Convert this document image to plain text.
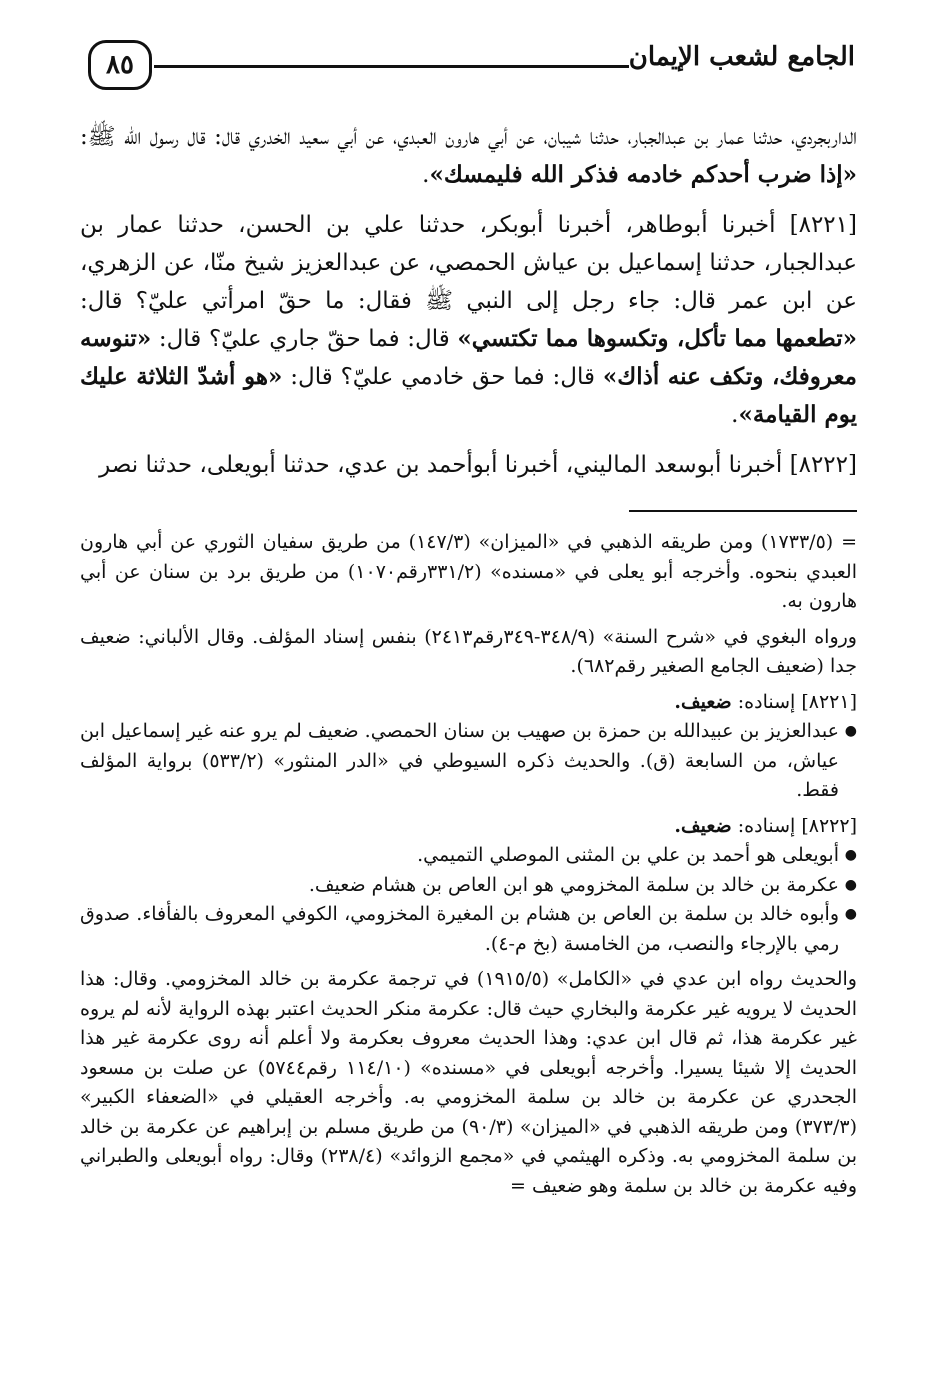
٨٥	الجامع لشعب الإيمان

الداربجردي، حدثنا عمار بن عبدالجبار، حدثنا شيبان، عن أبي هارون العبدي، عن أبي سعيد الخدري قال: قال رسول الله ﷺ: «إذا ضرب أحدكم خادمه فذكر الله فليمسك».

[٨٢٢١] أخبرنا أبوطاهر، أخبرنا أبوبكر، حدثنا علي بن الحسن، حدثنا عمار بن عبدالجبار، حدثنا إسماعيل بن عياش الحمصي، عن عبدالعزيز شيخ منّا، عن الزهري، عن ابن عمر قال: جاء رجل إلى النبي ﷺ فقال: ما حقّ امرأتي عليّ؟ قال: «تطعمها مما تأكل، وتكسوها مما تكتسي» قال: فما حقّ جاري عليّ؟ قال: «تنوسه معروفك، وتكف عنه أذاك» قال: فما حق خادمي عليّ؟ قال: «هو أشدّ الثلاثة عليك يوم القيامة».

[٨٢٢٢] أخبرنا أبوسعد الماليني، أخبرنا أبوأحمد بن عدي، حدثنا أبويعلى، حدثنا نصر

= (١٧٣٣/٥) ومن طريقه الذهبي في «الميزان» (١٤٧/٣) من طريق سفيان الثوري عن أبي هارون العبدي بنحوه. وأخرجه أبو يعلى في «مسنده» (٣٣١/٢رقم١٠٧٠) من طريق برد بن سنان عن أبي هارون به.

ورواه البغوي في «شرح السنة» (٣٤٨/٩-٣٤٩رقم٢٤١٣) بنفس إسناد المؤلف. وقال الألباني: ضعيف جدا (ضعيف الجامع الصغير رقم٦٨٢).

[٨٢٢١] إسناده: ضعيف.

● عبدالعزيز بن عبيدالله بن حمزة بن صهيب بن سنان الحمصي. ضعيف لم يرو عنه غير إسماعيل ابن عياش، من السابعة (ق). والحديث ذكره السيوطي في «الدر المنثور» (٥٣٣/٢) برواية المؤلف فقط.

[٨٢٢٢] إسناده: ضعيف.

● أبويعلى هو أحمد بن علي بن المثنى الموصلي التميمي.
● عكرمة بن خالد بن سلمة المخزومي هو ابن العاص بن هشام ضعيف.
● وأبوه خالد بن سلمة بن العاص بن هشام بن المغيرة المخزومي، الكوفي المعروف بالفأفاء. صدوق رمي بالإرجاء والنصب، من الخامسة (بخ م-٤).

والحديث رواه ابن عدي في «الكامل» (١٩١٥/٥) في ترجمة عكرمة بن خالد المخزومي. وقال: هذا الحديث لا يرويه غير عكرمة والبخاري حيث قال: عكرمة منكر الحديث اعتبر بهذه الرواية لأنه لم يروه غير عكرمة هذا، ثم قال ابن عدي: وهذا الحديث معروف بعكرمة ولا أعلم أنه روى عكرمة غير هذا الحديث إلا شيئا يسيرا. وأخرجه أبويعلى في «مسنده» (١١٤/١٠ رقم٥٧٤٤) عن صلت بن مسعود الجحدري عن عكرمة بن خالد بن سلمة المخزومي به. وأخرجه العقيلي في «الضعفاء الكبير» (٣٧٣/٣) ومن طريقه الذهبي في «الميزان» (٩٠/٣) من طريق مسلم بن إبراهيم عن عكرمة بن خالد بن سلمة المخزومي به. وذكره الهيثمي في «مجمع الزوائد» (٢٣٨/٤) وقال: رواه أبويعلى والطبراني وفيه عكرمة بن خالد بن سلمة وهو ضعيف =
